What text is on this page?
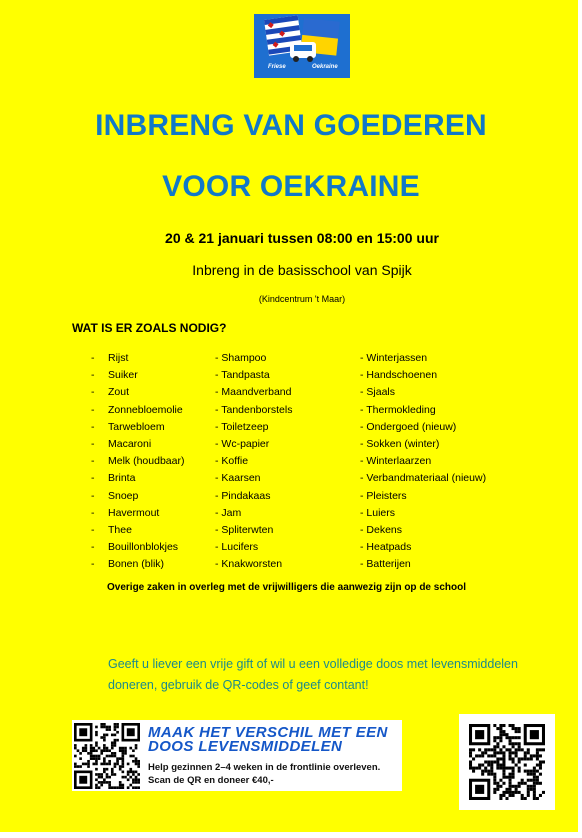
Friese	Oekraine
INBRENG VAN GOEDEREN
VOOR OEKRAINE
20 & 21 januari tussen 08:00 en 15:00 uur
Inbreng in de basisschool van Spijk
(Kindcentrum 't Maar)
WAT IS ER ZOALS NODIG?
- Rijst
- Suiker
- Zout
- Zonnebloemolie
- Tarwebloem
- Macaroni
- Melk (houdbaar)
- Brinta
- Snoep
- Havermout
- Thee
- Bouillonblokjes
- Bonen (blik)
- Shampoo
- Tandpasta
- Maandverband
- Tandenborstels
- Toiletzeep
- Wc-papier
- Koffie
- Kaarsen
- Pindakaas
- Jam
- Spliterwten
- Lucifers
- Knakworsten
- Winterjassen
- Handschoenen
- Sjaals
- Thermokleding
- Ondergoed (nieuw)
- Sokken (winter)
- Winterlaarzen
- Verbandmateriaal (nieuw)
- Pleisters
- Luiers
- Dekens
- Heatpads
- Batterijen
Overige zaken in overleg met de vrijwilligers die aanwezig zijn op de school
Geeft u liever een vrije gift of wil u een volledige doos met levensmiddelen doneren, gebruik de QR-codes of geef contant!
MAAK HET VERSCHIL MET EEN DOOS LEVENSMIDDELEN
Help gezinnen 2–4 weken in de frontlinie overleven.
Scan de QR en doneer €40,-
